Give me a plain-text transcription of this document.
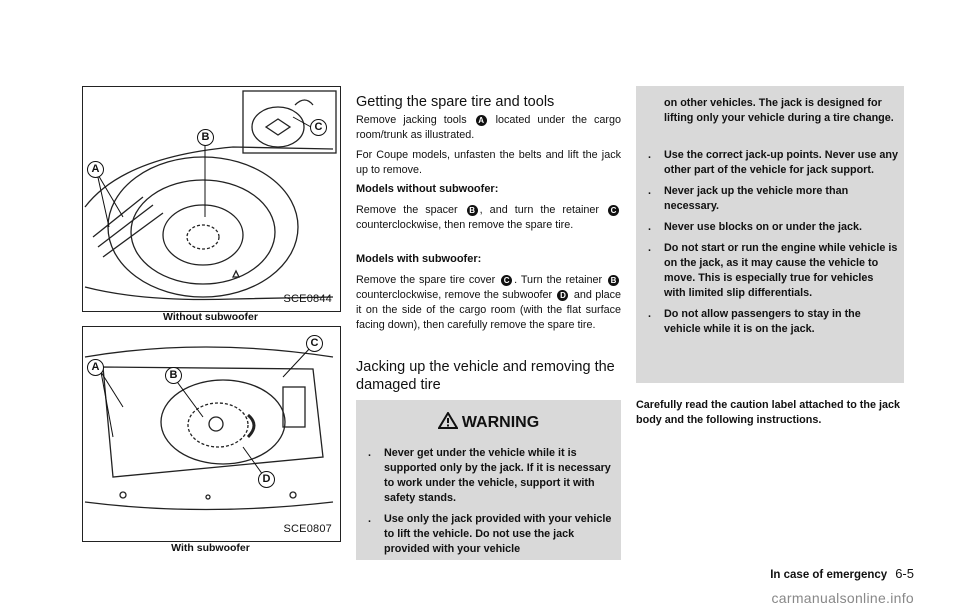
A
B
C
SCE0844
Without subwoofer
A
B
C
D
SCE0807
With subwoofer
Getting the spare tire and tools

Remove jacking tools A located under the cargo room/trunk as illustrated.

For Coupe models, unfasten the belts and lift the jack up to remove.

Models without subwoofer:

Remove the spacer B , and turn the retainer C counterclockwise, then remove the spare tire.

Models with subwoofer:

Remove the spare tire cover C . Turn the retainer B counterclockwise, remove the subwoofer D and place it on the side of the cargo room (with the flat surface facing down), then carefully remove the spare tire.

Jacking up the vehicle and removing the damaged tire
WARNING
. Never get under the vehicle while it is supported only by the jack. If it is necessary to work under the vehicle, support it with safety stands.
. Use only the jack provided with your vehicle to lift the vehicle. Do not use the jack provided with your vehicle

on other vehicles. The jack is designed for lifting only your vehicle during a tire change.

. Use the correct jack-up points. Never use any other part of the vehicle for jack support.
. Never jack up the vehicle more than necessary.
. Never use blocks on or under the jack.
. Do not start or run the engine while vehicle is on the jack, as it may cause the vehicle to move. This is especially true for vehicles with limited slip differentials.
. Do not allow passengers to stay in the vehicle while it is on the jack.

Carefully read the caution label attached to the jack body and the following instructions.

In case of emergency 6-5
carmanualsonline.info
